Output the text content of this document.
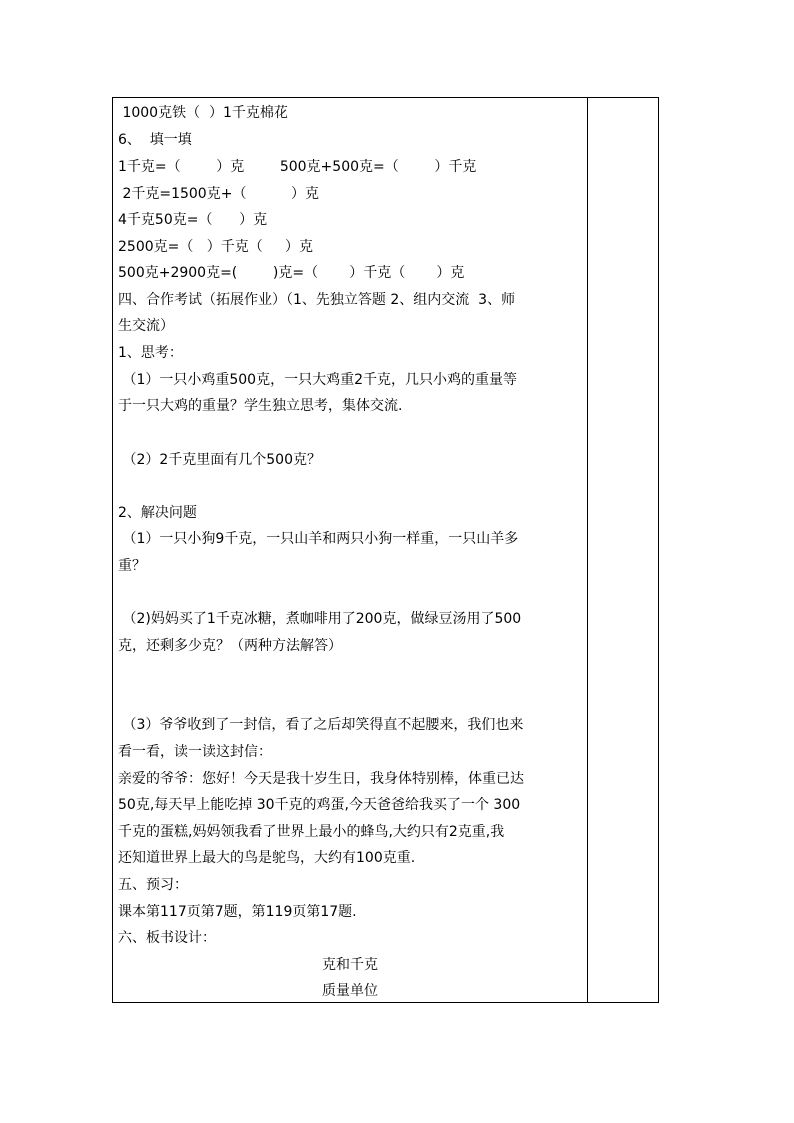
1000克铁（  ）1千克棉花
6、  填一填
1千克=（        ）克        500克+500克=（        ）千克
2千克=1500克+（          ）克
4千克50克=（      ）克
2500克=（   ）千克（     ）克
500克+2900克=(        )克=（       ）千克（       ）克
四、合作考试（拓展作业）（1、先独立答题 2、组内交流  3、师
生交流）
1、思考：
（1）一只小鸡重500克，一只大鸡重2千克，几只小鸡的重量等
于一只大鸡的重量？学生独立思考，集体交流.
（2）2千克里面有几个500克？
2、解决问题
（1）一只小狗9千克，一只山羊和两只小狗一样重，一只山羊多
重？
（2)妈妈买了1千克冰糖，煮咖啡用了200克，做绿豆汤用了500
克，还剩多少克？（两种方法解答）
（3）爷爷收到了一封信，看了之后却笑得直不起腰来，我们也来
看一看，读一读这封信：
亲爱的爷爷：您好！今天是我十岁生日，我身体特别棒，体重已达
50克,每天早上能吃掉 30千克的鸡蛋,今天爸爸给我买了一个 300
千克的蛋糕,妈妈领我看了世界上最小的蜂鸟,大约只有2克重,我
还知道世界上最大的鸟是鸵鸟，大约有100克重.
五、预习：
课本第117页第7题，第119页第17题.
六、板书设计：
克和千克
质量单位
